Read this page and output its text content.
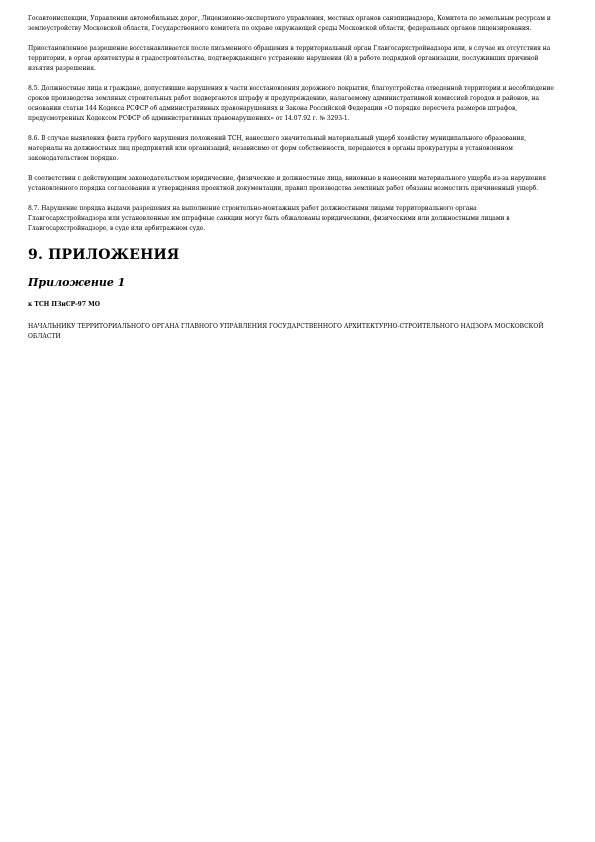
Госавтоинспекции, Управления автомобильных дорог, Лицензионно-экспертного управления, местных органов санэпиднадзора, Комитета по земельным ресурсам и землеустройству Московской области, Государственного комитета по охране окружающей среды Московской области, федеральных органов лицензирования.

Приостановленное разрешение восстанавливается после письменного обращения в территориальный орган Главгосархстройнадзора или, в случае их отсутствия на территории, в орган архитектуры и градостроительства, подтверждающего устранение нарушения (й) в работе подрядной организации, послуживших причиной изъятия разрешения.

8.5. Должностные лица и граждане, допустившие нарушения в части восстановления дорожного покрытия, благоустройства отведенной территории и несоблюдение сроков производства земляных строительных работ подвергаются штрафу и предупреждению, налагаемому административной комиссией городов и районов, на основании статьи 144 Кодекса РСФСР об административных правонарушениях и Закона Российской Федерации «О порядке пересчета размеров штрафов, предусмотренных Кодексом РСФСР об административных правонарушениях» от 14.07.92 г. № 3293-1.

8.6. В случае выявления факта грубого нарушения положений ТСН, нанесшего значительный материальный ущерб хозяйству муниципального образования, материалы на должностных лиц предприятий или организаций, независимо от форм собственности, передаются в органы прокуратуры в установленном законодательством порядке.

В соответствии с действующим законодательством юридические, физические и должностные лица, виновные в нанесении материального ущерба из-за нарушения установленного порядка согласования и утверждения проектной документации, правил производства земляных работ обязаны возместить причиненный ущерб.

8.7. Нарушение порядка выдачи разрешения на выполнение строительно-монтажных работ должностными лицами территориального органа Главгосархстройнадзора или установленные им штрафные санкции могут быть обжалованы юридическими, физическими или должностными лицами в Главгосархстройнадзоре, в суде или арбитражном суде.

9. ПРИЛОЖЕНИЯ
Приложение 1

к ТСН ПЗиСР-97 МО

НАЧАЛЬНИКУ ТЕРРИТОРИАЛЬНОГО ОРГАНА ГЛАВНОГО УПРАВЛЕНИЯ ГОСУДАРСТВЕННОГО АРХИТЕКТУРНО-СТРОИТЕЛЬНОГО НАДЗОРА МОСКОВСКОЙ ОБЛАСТИ
